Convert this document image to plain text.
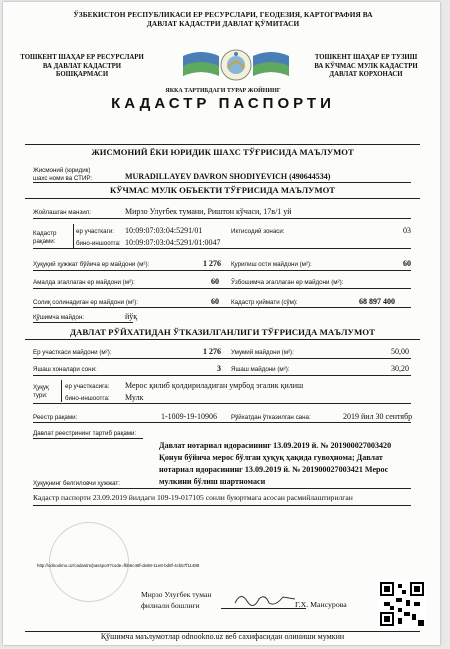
ЎЗБЕКИСТОН РЕСПУБЛИКАСИ ЕР РЕСУРСЛАРИ, ГЕОДЕЗИЯ, КАРТОГРАФИЯ ВА
ДАВЛАТ КАДАСТРИ ДАВЛАТ ҚЎМИТАСИ
ТОШКЕНТ ШАҲАР ЕР РЕСУРСЛАРИ
ВА ДАВЛАТ КАДАСТРИ
БОШҚАРМАСИ
ТОШКЕНТ ШАҲАР ЕР ТУЗИШ
ВА КЎЧМАС МУЛК КАДАСТРИ
ДАВЛАТ КОРХОНАСИ
ЯККА ТАРТИБДАГИ ТУРАР ЖОЙНИНГ
КАДАСТР ПАСПОРТИ
ЖИСМОНИЙ ЁКИ ЮРИДИК ШАХС ТЎҒРИСИДА МАЪЛУМОТ
Жисмоний (юридик)
шахс номи ва СТИР:	MURADILLAYEV DAVRON SHODIYEVICH (490644534)
КЎЧМАС МУЛК ОБЪЕКТИ ТЎҒРИСИДА МАЪЛУМОТ
Жойлашган манзил:	Мирзо Улуғбек тумани, Риштон кўчаси, 17в/1 уй
Кадастр
рақами:
ер участкаги: 10:09:07:03:04:5291/01
бино-иншоотга: 10:09:07:03:04:5291/01:0047
Иктисодий зонаси:	03
Ҳуқуқий ҳужжат бўйича ер майдони (м²):	1 276 Қурилиш ости майдони (м²):	60
Амалда эгаллаган ер майдони (м²):	60 Ўзбошимча эгаллаган ер майдони (м²):
Солиқ солинадиган ер майдони (м²):	60 Кадастр қиймати (сўм):	68 897 400
Қўшимча майдон:	йўқ
ДАВЛАТ РЎЙХАТИДАН ЎТКАЗИЛГАНЛИГИ ТЎҒРИСИДА МАЪЛУМОТ
Ер участкаси майдони (м²):	1 276 Умумий майдони (м²):	50,00
Яшаш хоналари сони:	3 Яшаш майдони (м²):	30,20
Ҳуқуқ
тури:
ер участкасига: Мерос қилиб қолдириладиган умрбод эгалик қилиш
бино-иншоотга: Мулк
Реестр рақами:	1-1009-19-10906 Рўйхатдан ўтказилган сана:	2019 йил 30 сентябр
Давлат реестрининг тартиб рақами:
Давлат нотариал идорасининг 13.09.2019 й. № 201900027003420
Қонун бўйича мерос бўлган ҳуқуқ ҳақида гувоҳнома; Давлат
нотариал идорасининг 13.09.2019 й. № 201900027003421 Мерос
мулкини бўлиш шартномаси
Ҳуқуқнинг белгиловчи ҳужжат:
Кадастр паспорти 23.09.2019 йилдаги 109-19-017105 сонли буюртмага асосан расмийлаштирилган
http://odnookno.uz/cadastre/passport?code=fbb6c48f-de68-11e8-bd8f-4cb57f11488
Мирзо Улуғбек туман
филиали бошлиғи	Г.Х. Мансурова
Қўшимча маълумотлар odnookno.uz веб сахифасидан олиниши мумкин
